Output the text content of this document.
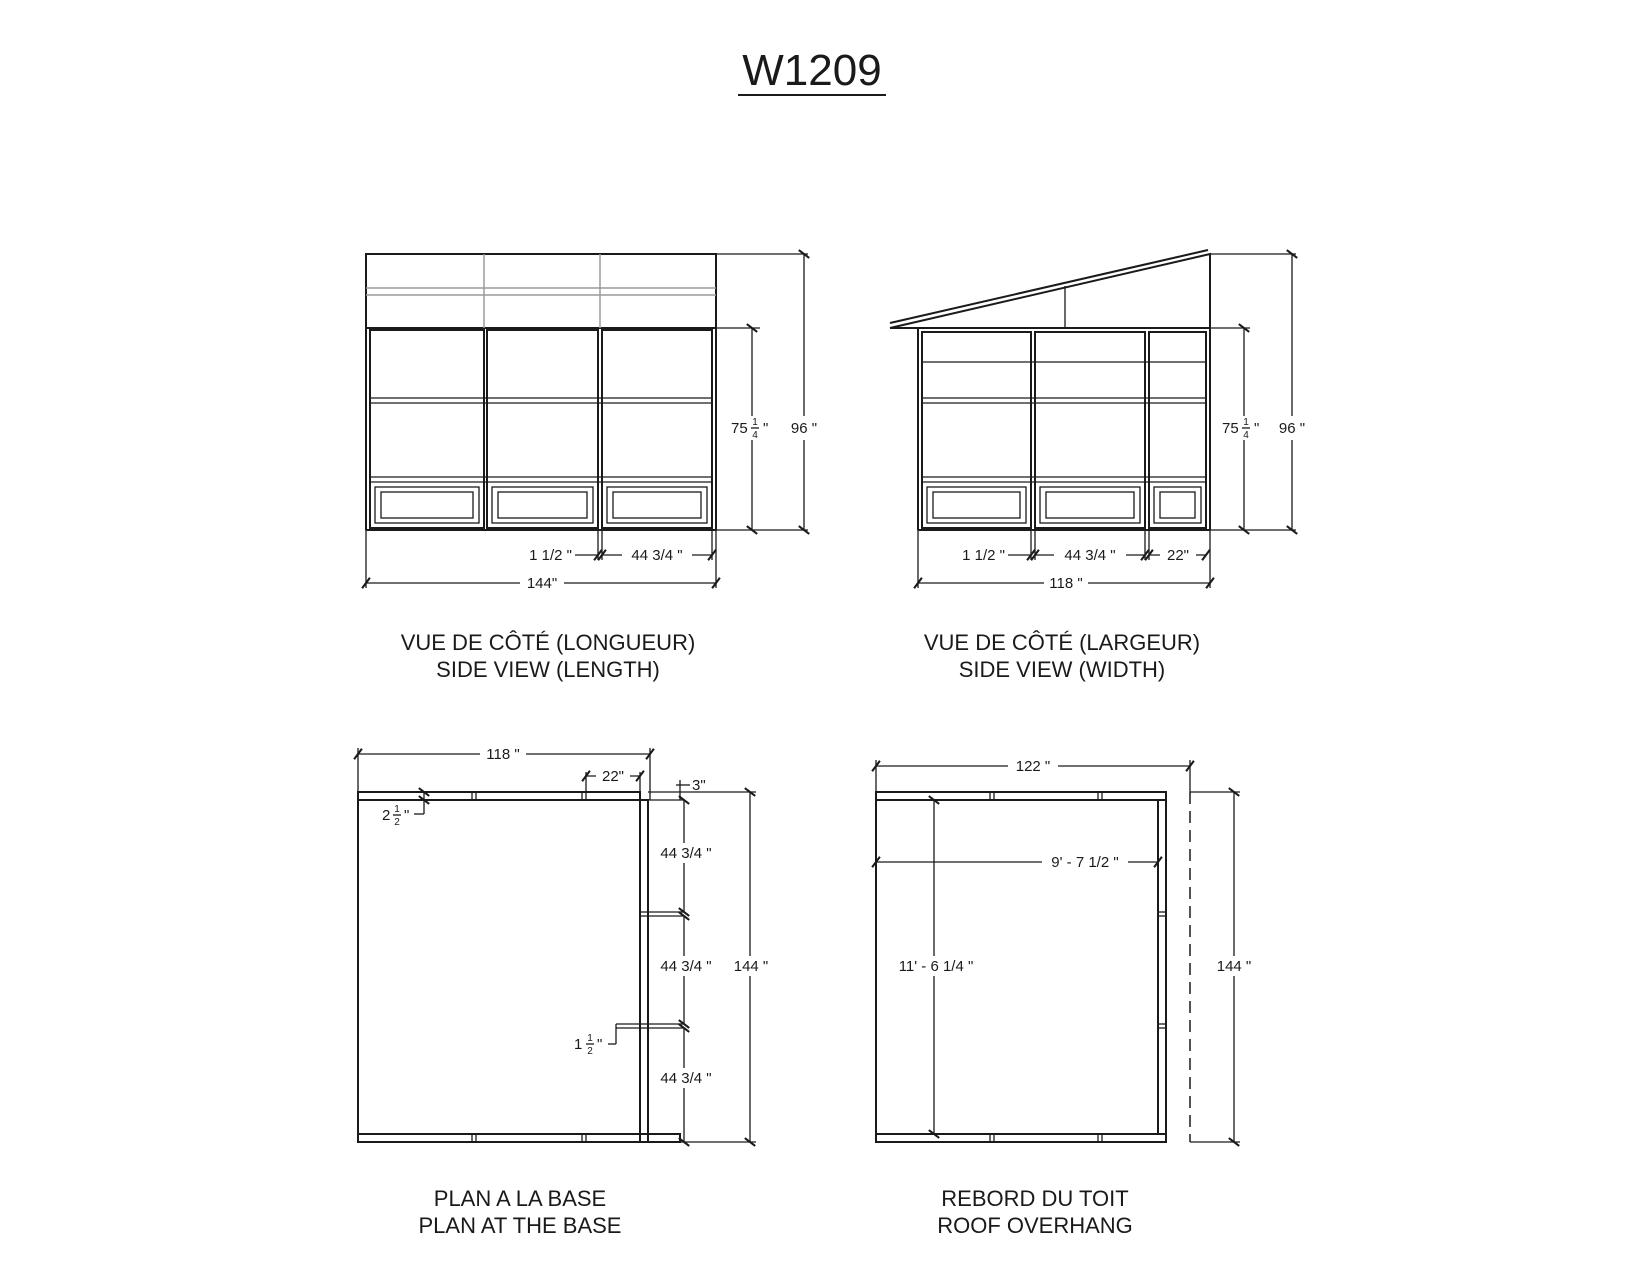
W1209
75 1
4 " 96 "
1 1/2 "	44 3/4 "
144"
VUE DE CÔTÉ (LONGUEUR)
SIDE VIEW (LENGTH)
75 1
4 " 96 "
1 1/2 "	44 3/4 "	22"
118 "
VUE DE CÔTÉ (LARGEUR)
SIDE VIEW (WIDTH)
118 "
22"
3"
2 1
2 "
1 1
2 "
44 3/4 "
44 3/4 "
44 3/4 "
144 "
PLAN A LA BASE
PLAN AT THE BASE
122 "
9' - 7 1/2 "
11' - 6 1/4 "	144 "
REBORD DU TOIT
ROOF OVERHANG
